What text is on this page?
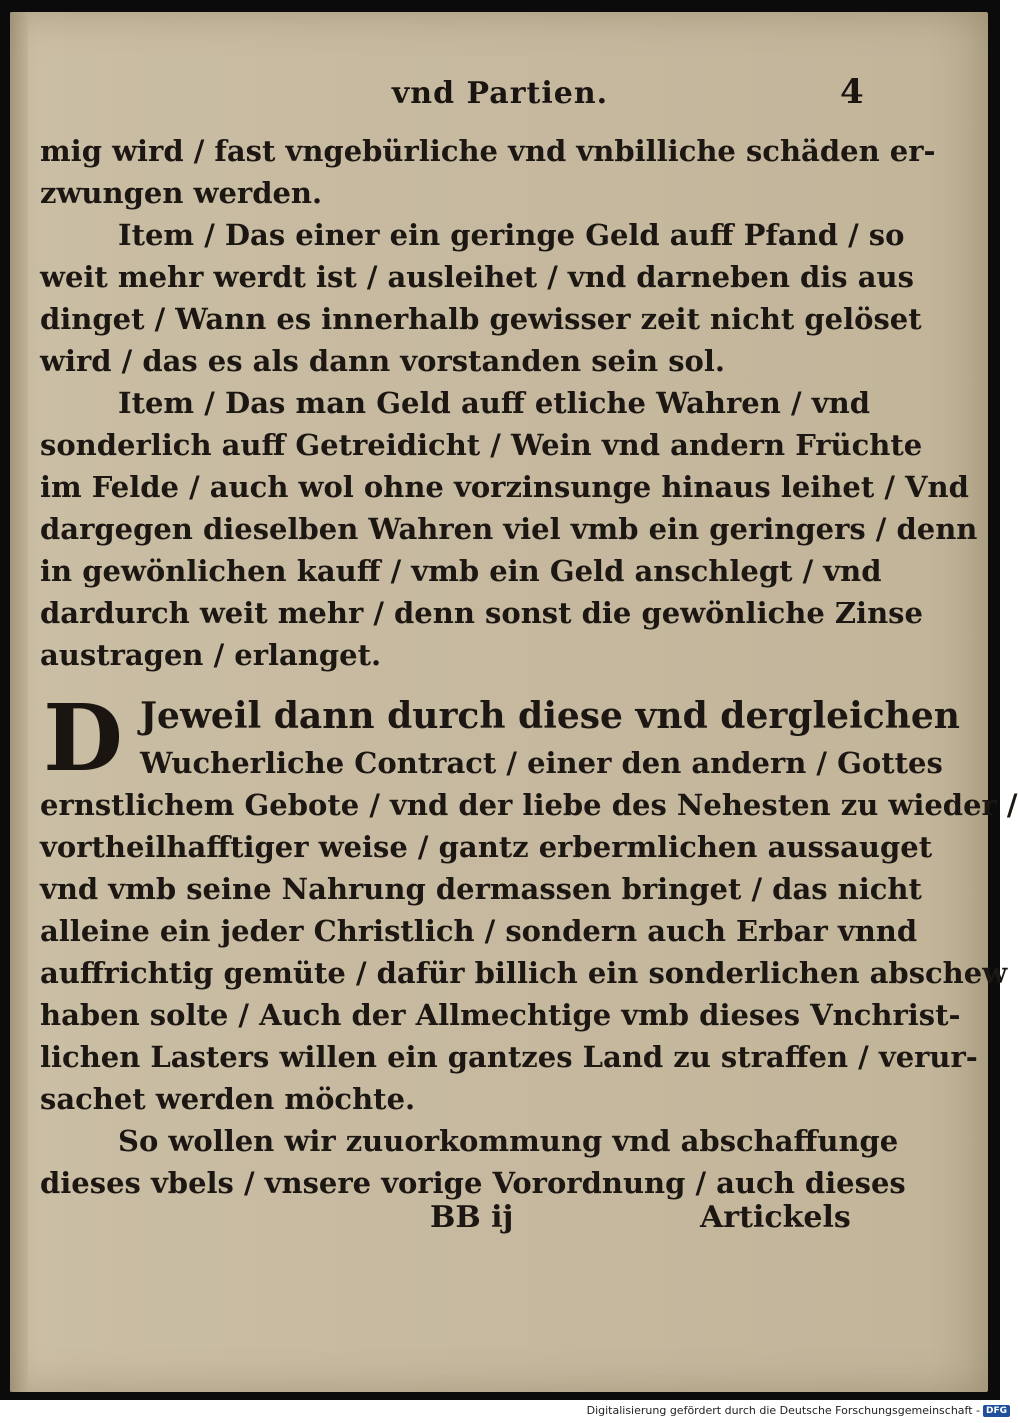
vnd Partien.	4
mig wird / fast vngebürliche vnd vnbilliche schäden er-
zwungen werden.
Item / Das einer ein geringe Geld auff Pfand / so
weit mehr werdt ist / ausleihet / vnd darneben dis aus
dinget / Wann es innerhalb gewisser zeit nicht gelöset
wird / das es als dann vorstanden sein sol.
Item / Das man Geld auff etliche Wahren / vnd
sonderlich auff Getreidicht / Wein vnd andern Früchte
im Felde / auch wol ohne vorzinsunge hinaus leihet / Vnd
dargegen dieselben Wahren viel vmb ein geringers / denn
in gewönlichen kauff / vmb ein Geld anschlegt / vnd
dardurch weit mehr / denn sonst die gewönliche Zinse
austragen / erlanget.
D Jeweil dann durch diese vnd dergleichen
Wucherliche Contract / einer den andern / Gottes
ernstlichem Gebote / vnd der liebe des Nehesten zu wieder /
vortheilhafftiger weise / gantz erbermlichen aussauget
vnd vmb seine Nahrung dermassen bringet / das nicht
alleine ein jeder Christlich / sondern auch Erbar vnnd
auffrichtig gemüte / dafür billich ein sonderlichen abschew
haben solte / Auch der Allmechtige vmb dieses Vnchrist-
lichen Lasters willen ein gantzes Land zu straffen / verur-
sachet werden möchte.
So wollen wir zuuorkommung vnd abschaffunge
dieses vbels / vnsere vorige Vorordnung / auch dieses
BB ij	Artickels
Digitalisierung gefördert durch die Deutsche Forschungsgemeinschaft - DFG
